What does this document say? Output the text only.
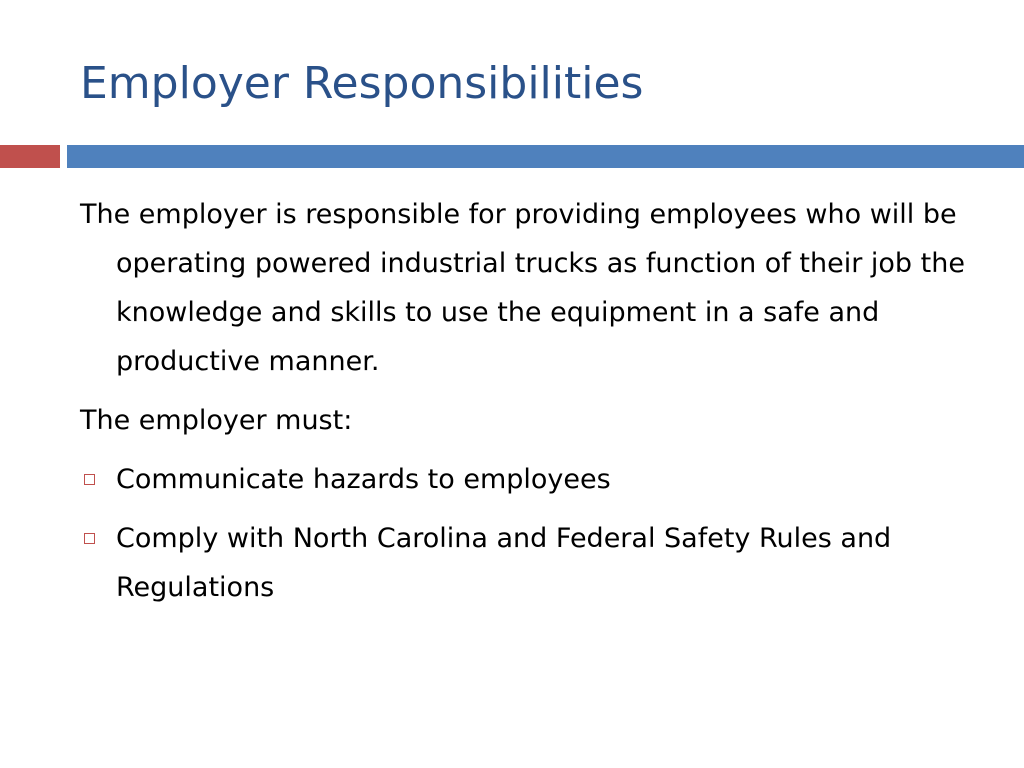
Employer Responsibilities

The employer is responsible for providing employees who will be operating powered industrial trucks as function of their job the knowledge and skills to use the equipment in a safe and productive manner.

The employer must:

Communicate hazards to employees
Comply with North Carolina and Federal Safety Rules and Regulations
